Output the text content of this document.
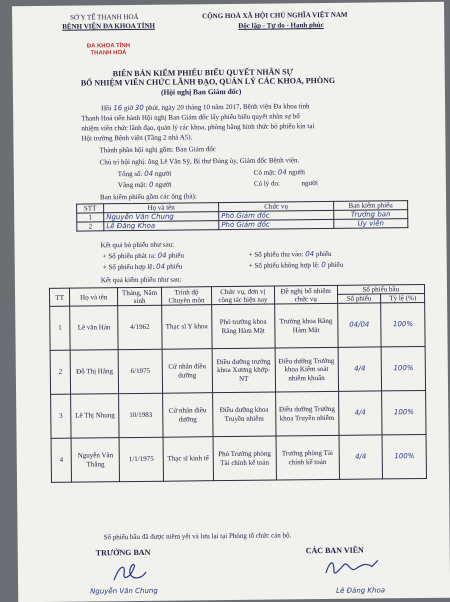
SỞ Y TẾ THANH HOÁ
BỆNH VIỆN ĐA KHOA TỈNH
ĐA KHOA TỈNH THANH HOÁ
CỘNG HOÀ XÃ HỘI CHỦ NGHĨA VIỆT NAM
Độc lập - Tự do - Hạnh phúc
BIÊN BẢN KIỂM PHIẾU BIỂU QUYẾT NHÂN SỰ
BỔ NHIỆM VIÊN CHỨC LÃNH ĐẠO, QUẢN LÝ CÁC KHOA, PHÒNG
(Hội nghị Ban Giám đốc)
Hồi 16 giờ 30 phút, ngày 20 tháng 10 năm 2017, Bệnh viện Đa khoa tỉnh
Thanh Hoá tiến hành Hội nghị Ban Giám đốc lấy phiếu biểu quyết nhân sự bổ
nhiệm viên chức lãnh đạo, quản lý các khoa, phòng bằng hình thức bỏ phiếu kín tại
Hội trường Bệnh viện (Tầng 2 nhà A5).
Thành phần hội nghị gồm: Ban Giám đốc
Chủ trì hội nghị: ông Lê Văn Sỹ, Bí thư Đảng ủy, Giám đốc Bệnh viện.
Tổng số: 04 người	Có mặt: 04 người
Vắng mặt: 0 người	Có lý do:	người
Ban kiểm phiếu gồm các ông (bà):
STT	Họ và tên	Chức vụ	Ban kiểm phiếu
1	Nguyễn Văn Chung	Phó Giám đốc	Trưởng ban
2	Lê Đăng Khoa	Phó Giám đốc	Ủy viên
Kết quả bỏ phiếu như sau:
+ Số phiếu phát ra: 04 phiếu	+ Số phiếu thu vào: 04 phiếu
+ Số phiếu hợp lệ: 04 phiếu	+ Số phiếu không hợp lệ: 0 phiếu
Kết quả kiểm phiếu như sau:
TT	Họ và tên	Tháng, Năm sinh	Trình độ Chuyên môn	Chức vụ, đơn vị công tác hiện nay	Đề nghị bổ nhiệm chức vụ	Số phiếu bầu	
						Số phiếu	Tỷ lệ (%)
1	Lê văn Hán	4/1962	Thạc sĩ Y khoa	Phó trưởng khoa Răng Hàm Mặt	Trưởng khoa Răng Hàm Mặt	04/04	100%
2	Đỗ Thị Hằng	6/1975	Cử nhân điều dưỡng	Điều dưỡng trưởng khoa Xương khớp-NT	Điều dưỡng Trưởng khoa Kiểm soát nhiễm khuẩn	4/4	100%
3	Lê Thị Nhung	10/1983	Cử nhân điều dưỡng	Điều dưỡng khoa Truyền nhiễm	Điều dưỡng Trưởng khoa Truyền nhiễm	4/4	100%
4	Nguyễn Văn Thắng	1/1/1975	Thạc sĩ kinh tế	Phó Trưởng phòng Tài chính kế toán	Trưởng phòng Tài chính kế toán	4/4	100%
Số phiếu bầu đã được niêm yết và lưu lại tại Phòng tổ chức cán bộ.
TRƯỞNG BAN	CÁC BAN VIÊN
Nguyễn Văn Chung	Lê Đăng Khoa
